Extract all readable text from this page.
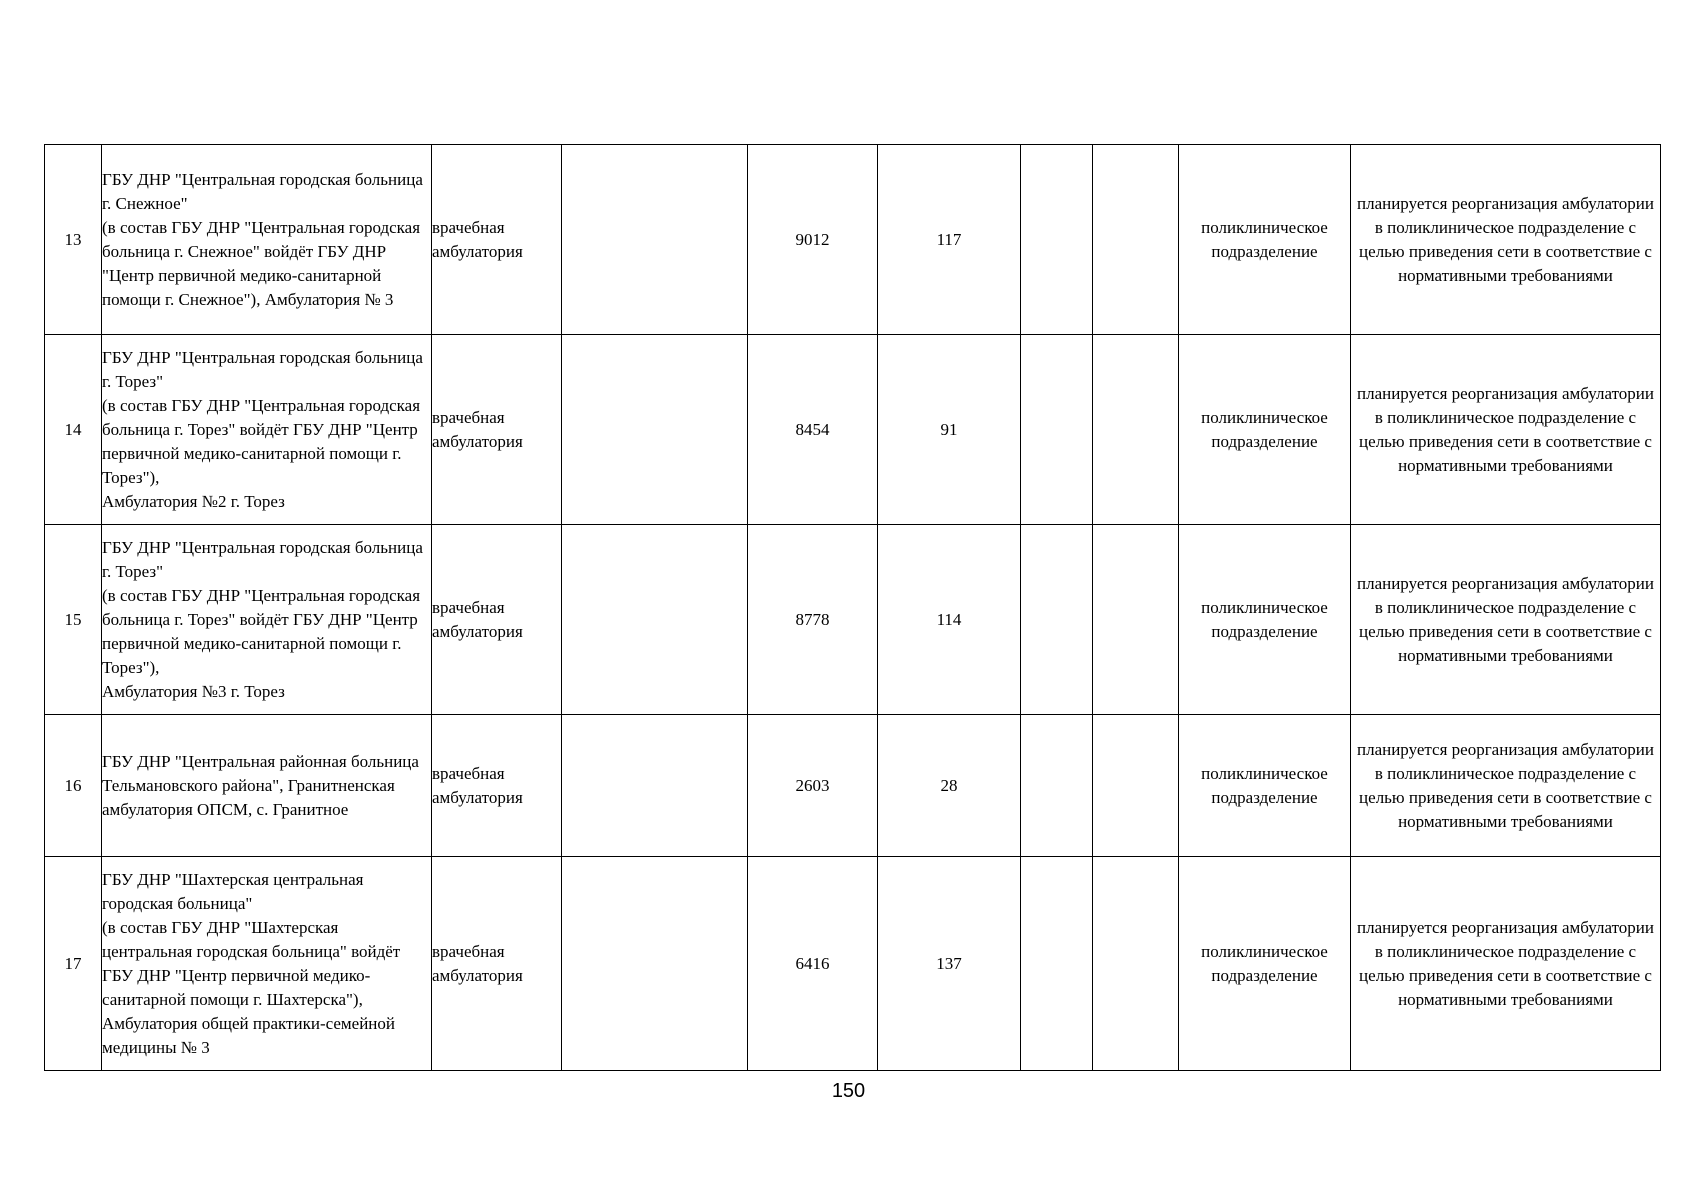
13	ГБУ ДНР "Центральная городская больница г. Снежное"
(в состав ГБУ ДНР "Центральная городская больница г. Снежное" войдёт ГБУ ДНР "Центр первичной медико-санитарной помощи г. Снежное"), Амбулатория № 3	врачебная амбулатория		9012	117			поликлиническое подразделение	планируется реорганизация амбулатории в поликлиническое подразделение с целью приведения сети в соответствие с нормативными требованиями
14	ГБУ ДНР "Центральная городская больница г. Торез"
(в состав ГБУ ДНР "Центральная городская больница г. Торез" войдёт ГБУ ДНР "Центр первичной медико-санитарной помощи г. Торез"),
Амбулатория №2 г. Торез	врачебная амбулатория		8454	91			поликлиническое подразделение	планируется реорганизация амбулатории в поликлиническое подразделение с целью приведения сети в соответствие с нормативными требованиями
15	ГБУ ДНР "Центральная городская больница г. Торез"
(в состав ГБУ ДНР "Центральная городская больница г. Торез" войдёт ГБУ ДНР "Центр первичной медико-санитарной помощи г. Торез"),
Амбулатория №3 г. Торез	врачебная амбулатория		8778	114			поликлиническое подразделение	планируется реорганизация амбулатории в поликлиническое подразделение с целью приведения сети в соответствие с нормативными требованиями
16	ГБУ ДНР "Центральная районная больница Тельмановского района", Гранитненская амбулатория ОПСМ, с. Гранитное	врачебная амбулатория		2603	28			поликлиническое подразделение	планируется реорганизация амбулатории в поликлиническое подразделение с целью приведения сети в соответствие с нормативными требованиями
17	ГБУ ДНР "Шахтерская центральная городская больница"
(в состав ГБУ ДНР "Шахтерская центральная городская больница" войдёт ГБУ ДНР "Центр первичной медико-санитарной помощи г. Шахтерска"), Амбулатория общей практики-семейной медицины № 3	врачебная амбулатория		6416	137			поликлиническое подразделение	планируется реорганизация амбулатории в поликлиническое подразделение с целью приведения сети в соответствие с нормативными требованиями
150
